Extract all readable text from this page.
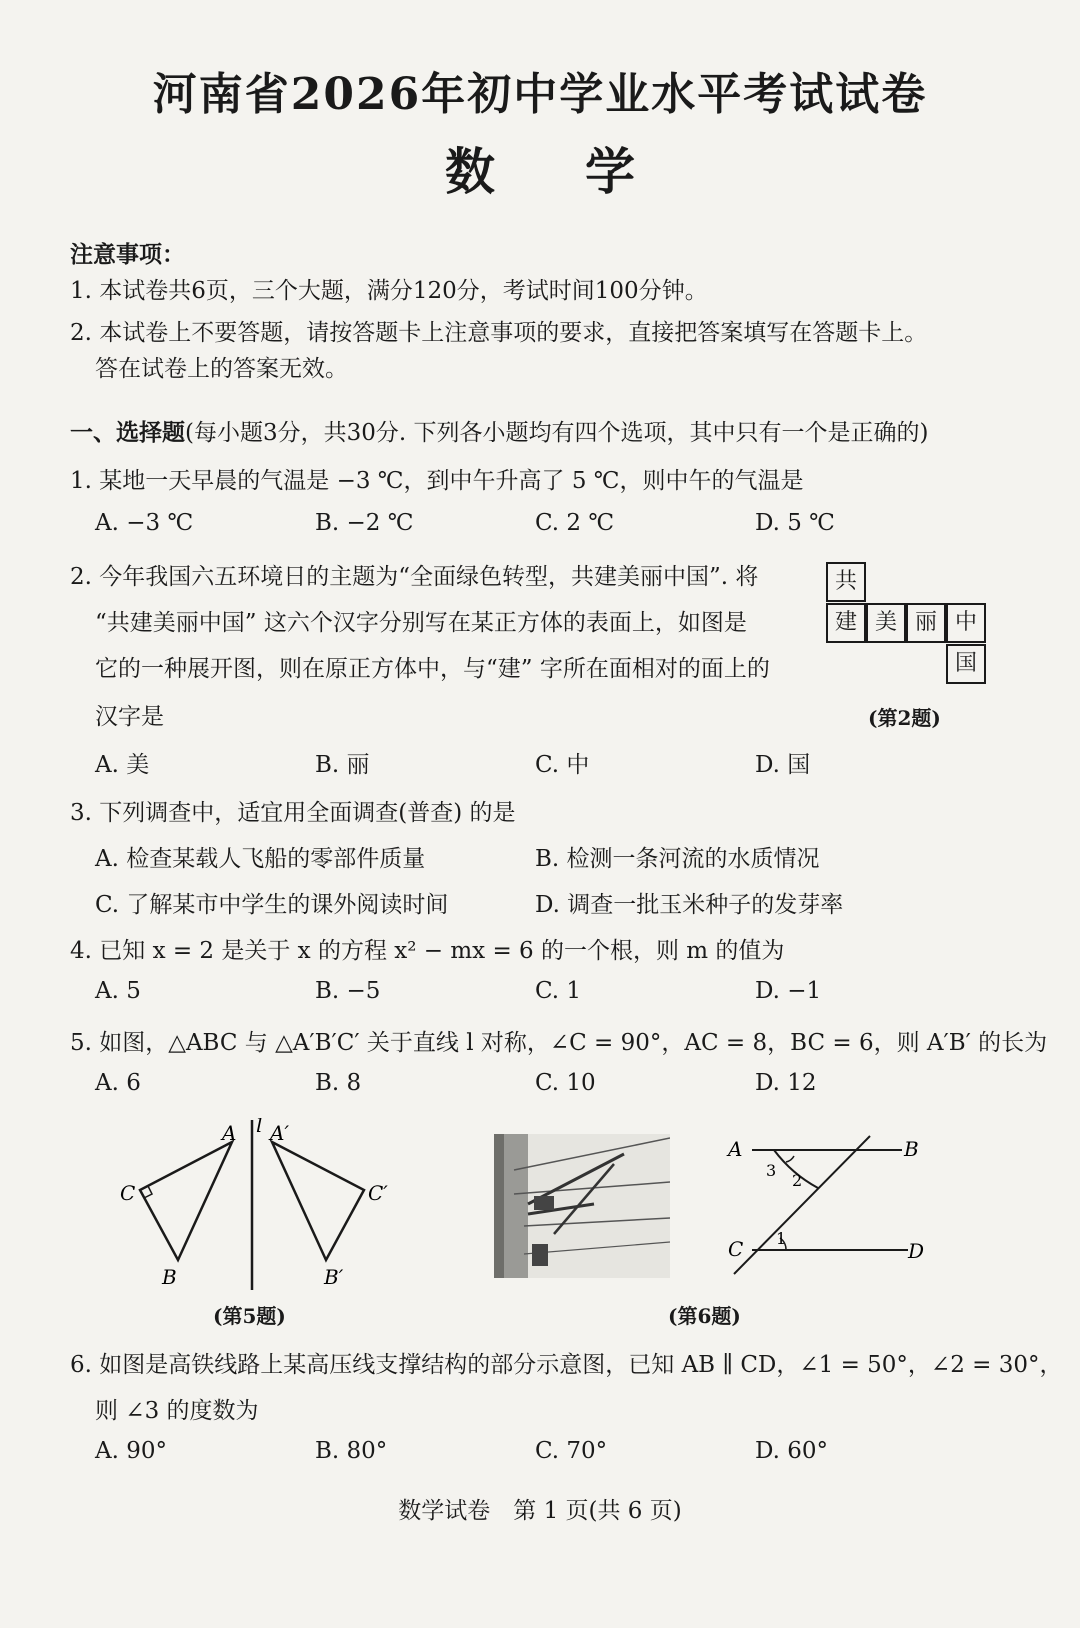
河南省2026年初中学业水平考试试卷
数学
注意事项：
1. 本试卷共6页，三个大题，满分120分，考试时间100分钟。
2. 本试卷上不要答题，请按答题卡上注意事项的要求，直接把答案填写在答题卡上。
答在试卷上的答案无效。
一、选择题(每小题3分，共30分. 下列各小题均有四个选项，其中只有一个是正确的)
1. 某地一天早晨的气温是 −3 ℃，到中午升高了 5 ℃，则中午的气温是
A. −3 ℃	B. −2 ℃	C. 2 ℃	D. 5 ℃
2. 今年我国六五环境日的主题为“全面绿色转型，共建美丽中国”. 将
“共建美丽中国” 这六个汉字分别写在某正方体的表面上，如图是
它的一种展开图，则在原正方体中，与“建” 字所在面相对的面上的
汉字是
A. 美	B. 丽	C. 中	D. 国
共
建 美 丽 中
国
(第2题)
3. 下列调查中，适宜用全面调查(普查) 的是
A. 检查某载人飞船的零部件质量	B. 检测一条河流的水质情况
C. 了解某市中学生的课外阅读时间	D. 调查一批玉米种子的发芽率
4. 已知 x = 2 是关于 x 的方程 x² − mx = 6 的一个根，则 m 的值为
A. 5	B. −5	C. 1	D. −1
5. 如图，△ABC 与 △A′B′C′ 关于直线 l 对称，∠C = 90°，AC = 8，BC = 6，则 A′B′ 的长为
A. 6	B. 8	C. 10	D. 12
A
C
B
l A′
C′
B′
(第5题)
A	B
C	D
3
2
1
(第6题)
6. 如图是高铁线路上某高压线支撑结构的部分示意图，已知 AB ∥ CD，∠1 = 50°，∠2 = 30°，
则 ∠3 的度数为
A. 90°	B. 80°	C. 70°	D. 60°
数学试卷　第 1 页(共 6 页)
